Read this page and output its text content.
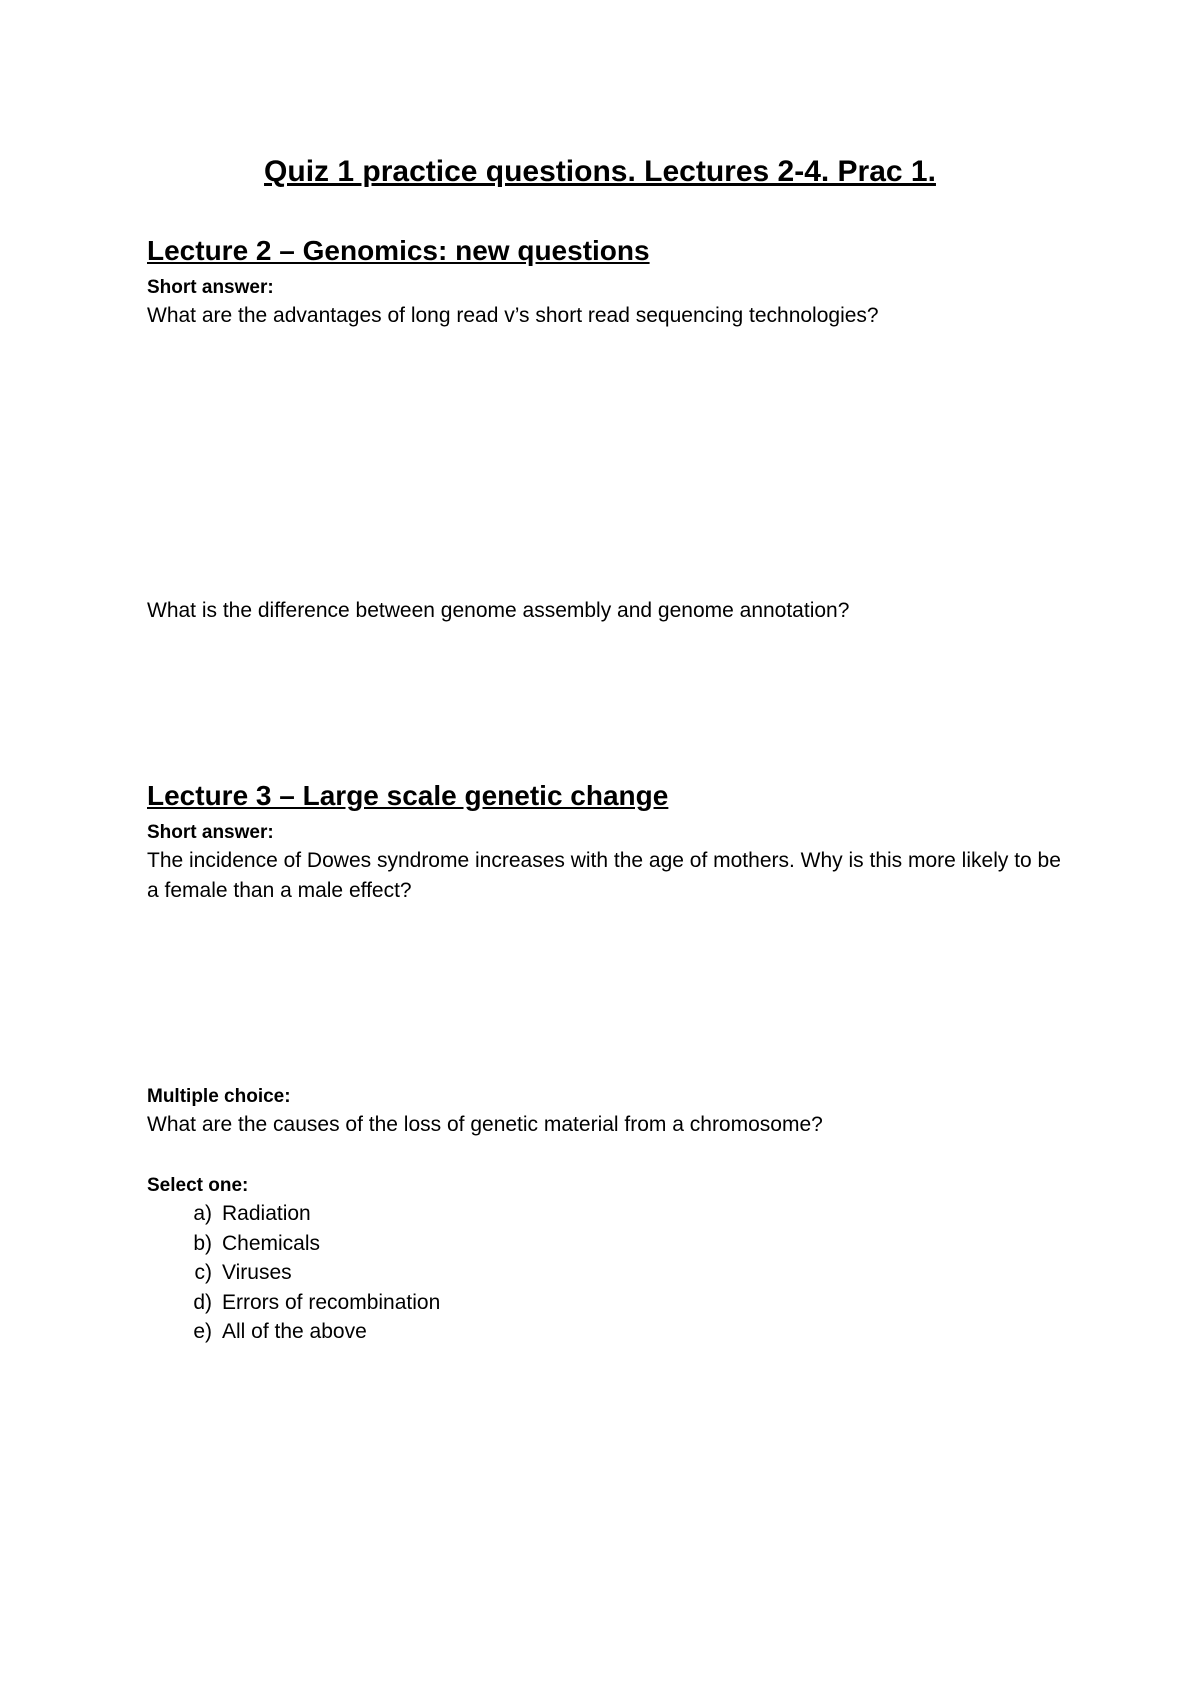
Quiz 1 practice questions. Lectures 2-4. Prac 1.
Lecture 2 – Genomics: new questions
Short answer:
What are the advantages of long read v’s short read sequencing technologies?
What is the difference between genome assembly and genome annotation?
Lecture 3 – Large scale genetic change
Short answer:
The incidence of Dowes syndrome increases with the age of mothers. Why is this more likely to be a female than a male effect?
Multiple choice:
What are the causes of the loss of genetic material from a chromosome?
Select one:
a) Radiation
b) Chemicals
c) Viruses
d) Errors of recombination
e) All of the above
